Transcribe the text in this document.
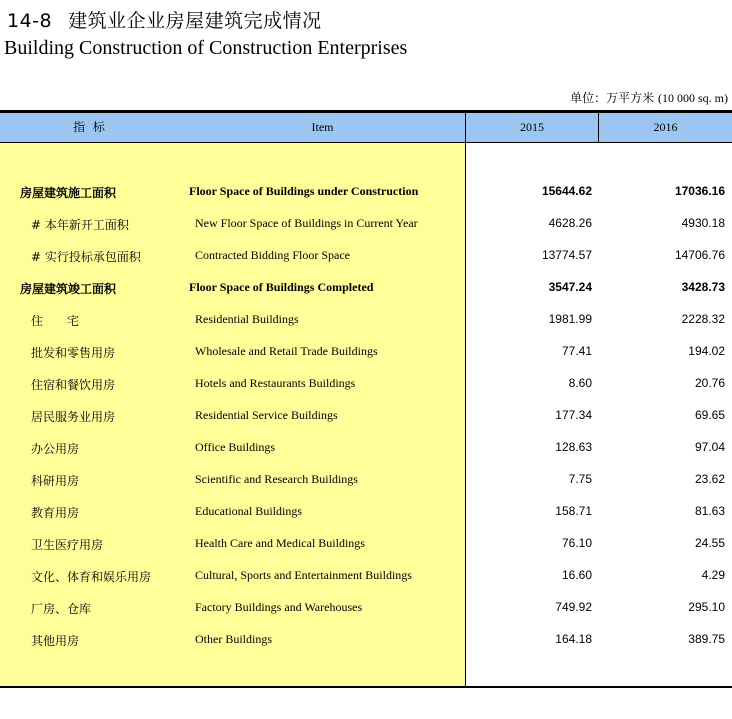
14-8 建筑业企业房屋建筑完成情况
Building Construction of Construction Enterprises
单位：万平方米 (10 000 sq. m)
指 标	Item	2015	2016
房屋建筑施工面积	Floor Space of Buildings under Construction	15644.62	17036.16
# 本年新开工面积	New Floor Space of Buildings in Current Year	4628.26	4930.18
# 实行投标承包面积	Contracted Bidding Floor Space	13774.57	14706.76
房屋建筑竣工面积	Floor Space of Buildings Completed	3547.24	3428.73
住　　宅	Residential Buildings	1981.99	2228.32
批发和零售用房	Wholesale and Retail Trade Buildings	77.41	194.02
住宿和餐饮用房	Hotels and Restaurants Buildings	8.60	20.76
居民服务业用房	Residential Service Buildings	177.34	69.65
办公用房	Office Buildings	128.63	97.04
科研用房	Scientific and Research Buildings	7.75	23.62
教育用房	Educational Buildings	158.71	81.63
卫生医疗用房	Health Care and Medical Buildings	76.10	24.55
文化、体育和娱乐用房	Cultural, Sports and Entertainment Buildings	16.60	4.29
厂房、仓库	Factory Buildings and Warehouses	749.92	295.10
其他用房	Other Buildings	164.18	389.75
